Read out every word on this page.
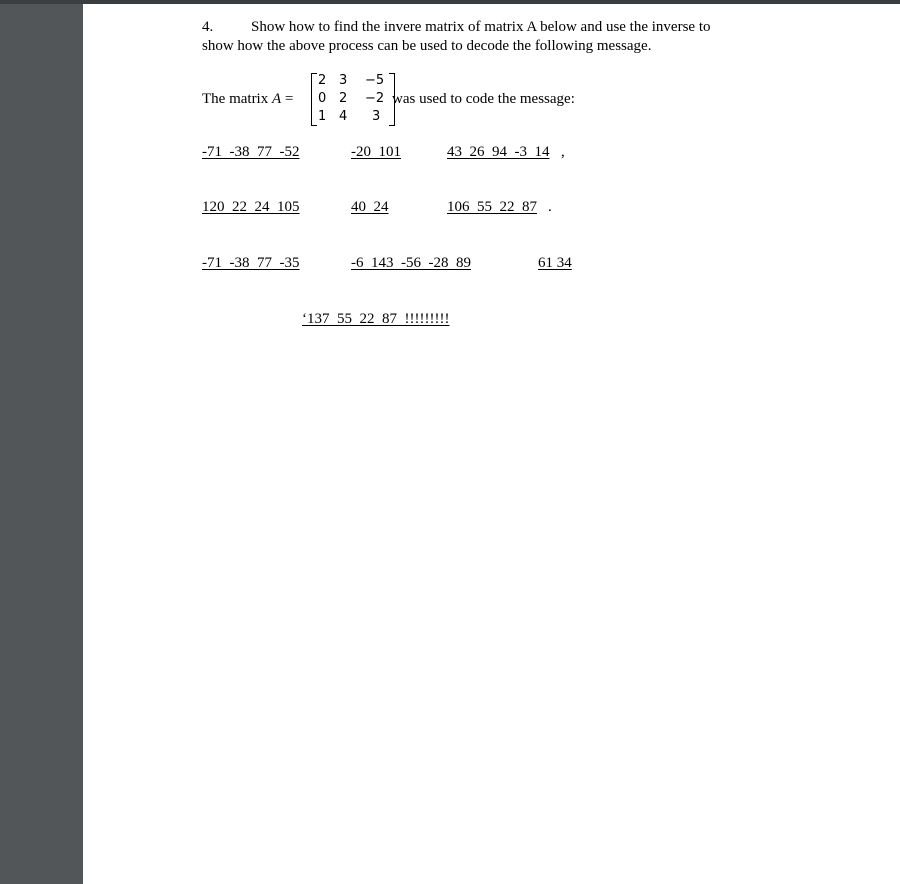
4.	Show how to find the invere matrix of matrix A below and use the inverse to
show how the above process can be used to decode the following message.
The matrix A =
2 3 −5
0 2 −2
1 4 3
was used to code the message:
-71  -38  77  -52	-20  101	43  26  94  -3  14 ,
120  22  24  105	40  24	106  55  22  87 .
-71  -38  77  -35	-6  143  -56  -28  89	61 34
‘137  55  22  87  !!!!!!!!!
